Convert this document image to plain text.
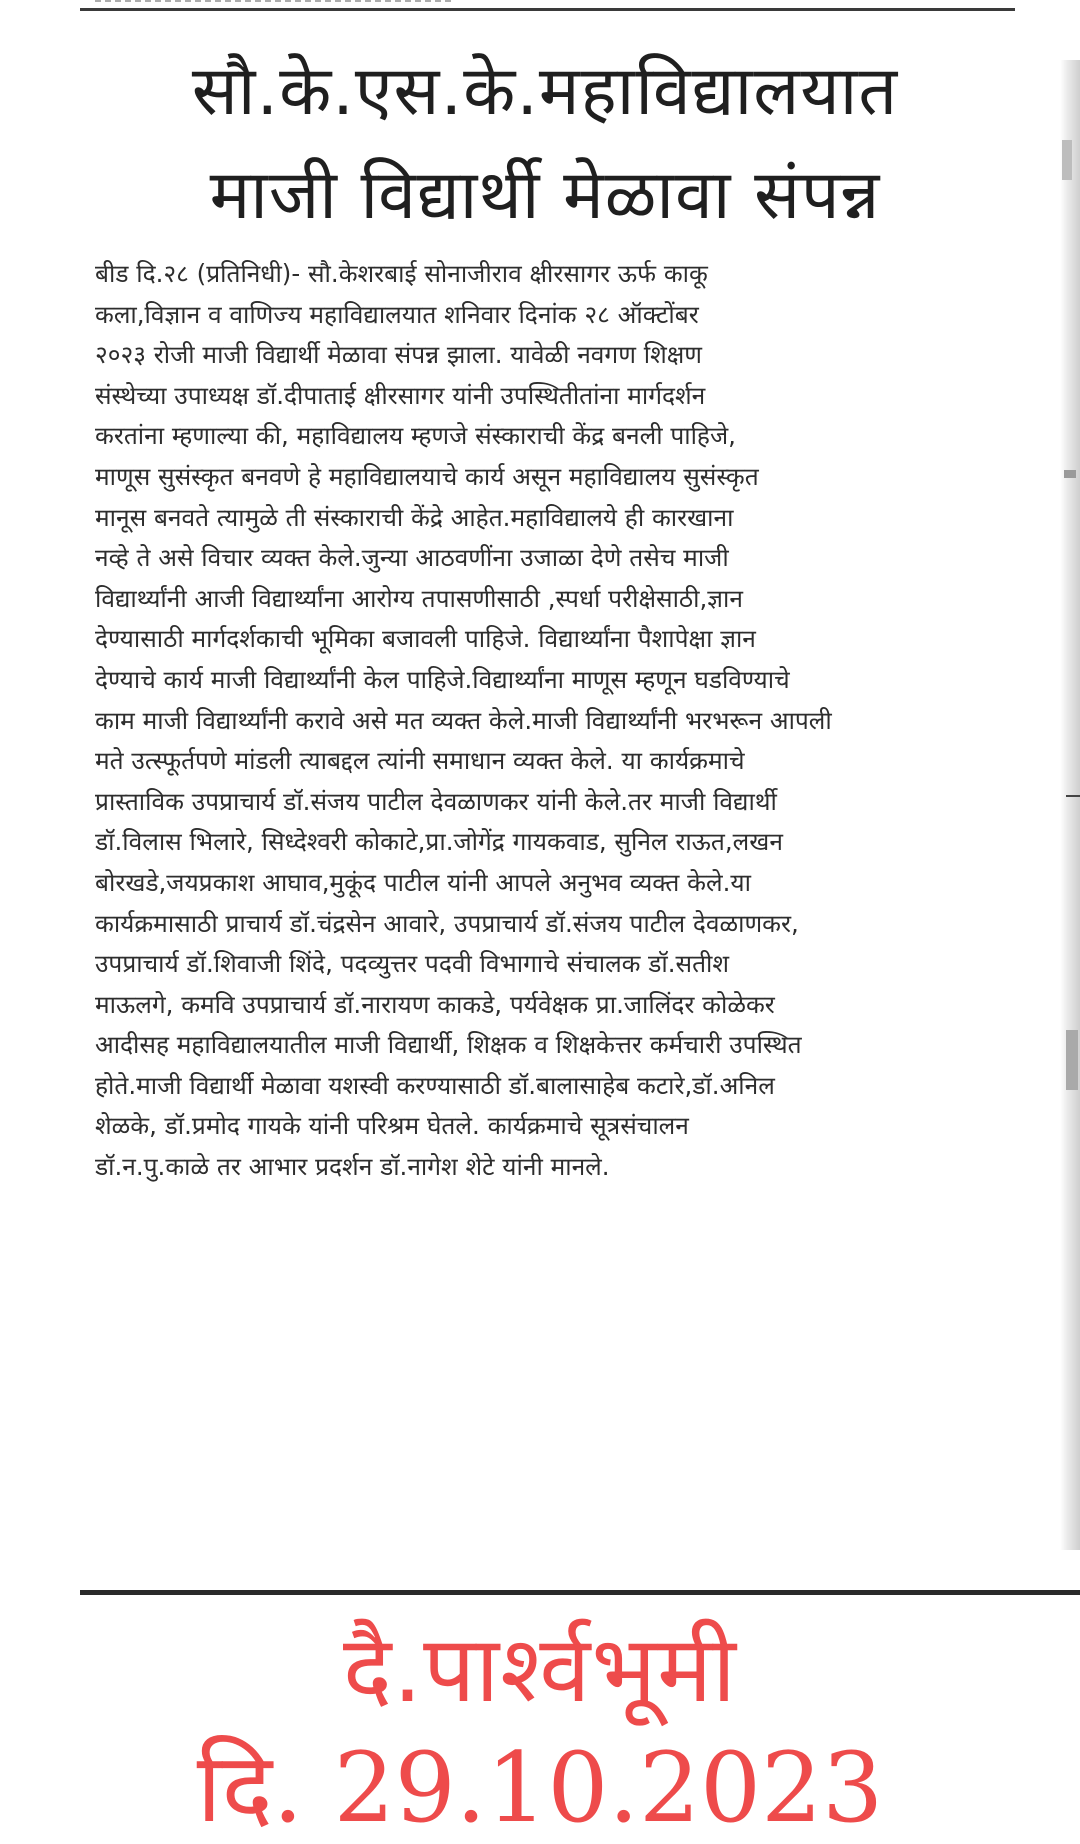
सौ.के.एस.के.महाविद्यालयात
माजी विद्यार्थी मेळावा संपन्न
बीड दि.२८ (प्रतिनिधी)- सौ.केशरबाई सोनाजीराव क्षीरसागर ऊर्फ काकू
कला,विज्ञान व वाणिज्य महाविद्यालयात शनिवार दिनांक २८ ऑक्टोंबर
२०२३ रोजी माजी विद्यार्थी मेळावा संपन्न झाला. यावेळी नवगण शिक्षण
संस्थेच्या उपाध्यक्ष डॉ.दीपाताई क्षीरसागर यांनी उपस्थितीतांना मार्गदर्शन
करतांना म्हणाल्या की, महाविद्यालय म्हणजे संस्काराची केंद्र बनली पाहिजे,
माणूस सुसंस्कृत बनवणे हे महाविद्यालयाचे कार्य असून महाविद्यालय सुसंस्कृत
मानूस बनवते त्यामुळे ती संस्काराची केंद्रे आहेत.महाविद्यालये ही कारखाना
नव्हे ते असे विचार व्यक्त केले.जुन्या आठवणींना उजाळा देणे तसेच माजी
विद्यार्थ्यांनी आजी विद्यार्थ्यांना आरोग्य तपासणीसाठी ,स्पर्धा परीक्षेसाठी,ज्ञान
देण्यासाठी मार्गदर्शकाची भूमिका बजावली पाहिजे. विद्यार्थ्यांना पैशापेक्षा ज्ञान
देण्याचे कार्य माजी विद्यार्थ्यांनी केल पाहिजे.विद्यार्थ्यांना माणूस म्हणून घडविण्याचे
काम माजी विद्यार्थ्यांनी करावे असे मत व्यक्त केले.माजी विद्यार्थ्यांनी भरभरून आपली
मते उत्स्फूर्तपणे मांडली त्याबद्दल त्यांनी समाधान व्यक्त केले. या कार्यक्रमाचे
प्रास्ताविक उपप्राचार्य डॉ.संजय पाटील देवळाणकर यांनी केले.तर माजी विद्यार्थी
डॉ.विलास भिलारे, सिध्देश्वरी कोकाटे,प्रा.जोगेंद्र गायकवाड, सुनिल राऊत,लखन
बोरखडे,जयप्रकाश आघाव,मुकूंद पाटील यांनी आपले अनुभव व्यक्त केले.या
कार्यक्रमासाठी प्राचार्य डॉ.चंद्रसेन आवारे, उपप्राचार्य डॉ.संजय पाटील देवळाणकर,
उपप्राचार्य डॉ.शिवाजी शिंदे, पदव्युत्तर पदवी विभागाचे संचालक डॉ.सतीश
माऊलगे, कमवि उपप्राचार्य डॉ.नारायण काकडे, पर्यवेक्षक प्रा.जालिंदर कोळेकर
आदीसह महाविद्यालयातील माजी विद्यार्थी, शिक्षक व शिक्षकेत्तर कर्मचारी उपस्थित
होते.माजी विद्यार्थी मेळावा यशस्वी करण्यासाठी डॉ.बालासाहेब कटारे,डॉ.अनिल
शेळके, डॉ.प्रमोद गायके यांनी परिश्रम घेतले. कार्यक्रमाचे सूत्रसंचालन
डॉ.न.पु.काळे तर आभार प्रदर्शन डॉ.नागेश शेटे यांनी मानले.
दै.पार्श्वभूमी
दि. 29.10.2023
